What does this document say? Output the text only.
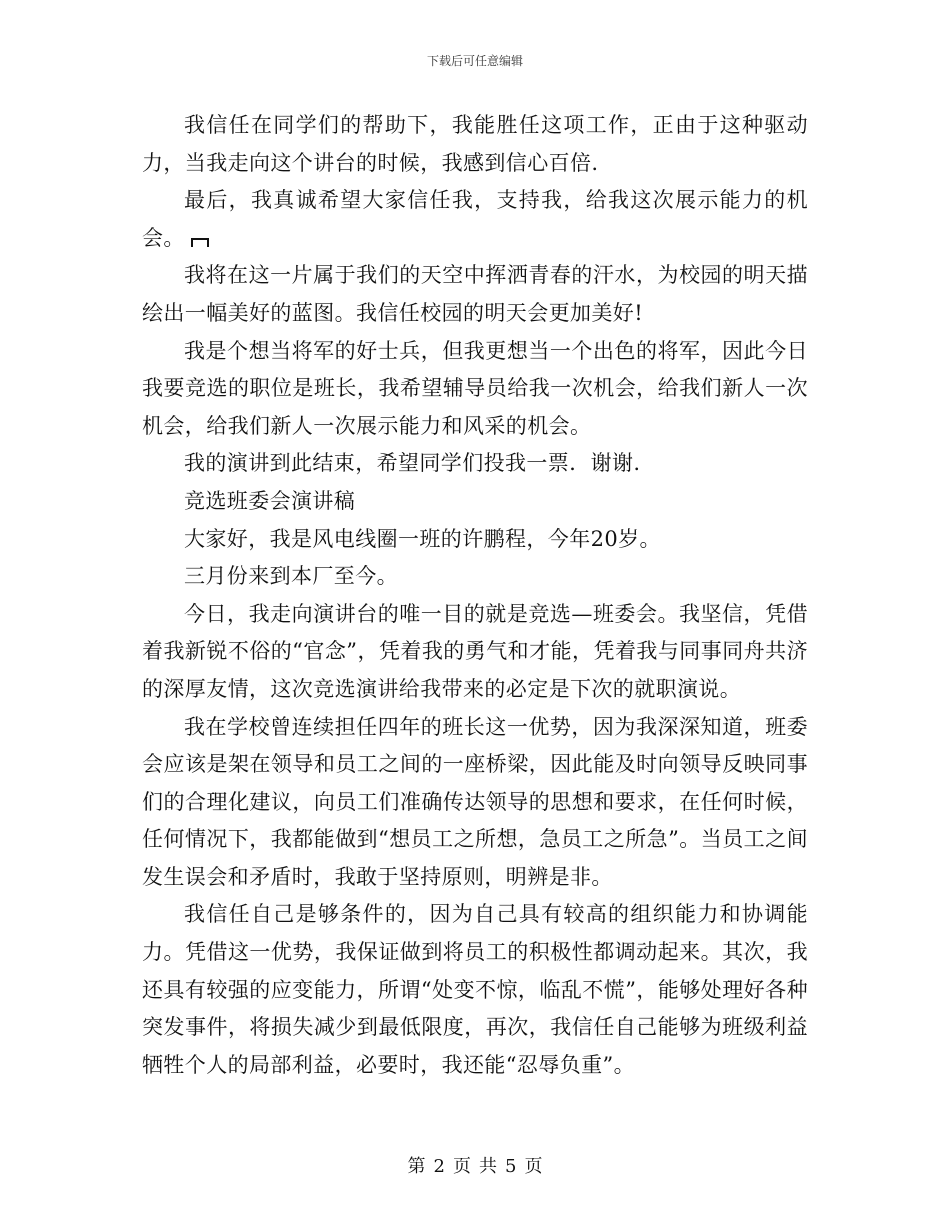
下载后可任意编辑

我信任在同学们的帮助下，我能胜任这项工作，正由于这种驱动力，当我走向这个讲台的时候，我感到信心百倍.

最后，我真诚希望大家信任我，支持我，给我这次展示能力的机会。

我将在这一片属于我们的天空中挥洒青春的汗水，为校园的明天描绘出一幅美好的蓝图。我信任校园的明天会更加美好!

我是个想当将军的好士兵，但我更想当一个出色的将军，因此今日我要竞选的职位是班长，我希望辅导员给我一次机会，给我们新人一次机会，给我们新人一次展示能力和风采的机会。

我的演讲到此结束，希望同学们投我一票．谢谢.

竞选班委会演讲稿

大家好，我是风电线圈一班的许鹏程，今年20岁。

三月份来到本厂至今。

今日，我走向演讲台的唯一目的就是竞选—班委会。我坚信，凭借着我新锐不俗的“官念”，凭着我的勇气和才能，凭着我与同事同舟共济的深厚友情，这次竞选演讲给我带来的必定是下次的就职演说。

我在学校曾连续担任四年的班长这一优势，因为我深深知道，班委会应该是架在领导和员工之间的一座桥梁，因此能及时向领导反映同事们的合理化建议，向员工们准确传达领导的思想和要求，在任何时候，任何情况下，我都能做到“想员工之所想，急员工之所急”。当员工之间发生误会和矛盾时，我敢于坚持原则，明辨是非。

我信任自己是够条件的，因为自己具有较高的组织能力和协调能力。凭借这一优势，我保证做到将员工的积极性都调动起来。其次，我还具有较强的应变能力，所谓“处变不惊，临乱不慌”，能够处理好各种突发事件，将损失减少到最低限度，再次，我信任自己能够为班级利益牺牲个人的局部利益，必要时，我还能“忍辱负重”。

第 2 页 共 5 页
